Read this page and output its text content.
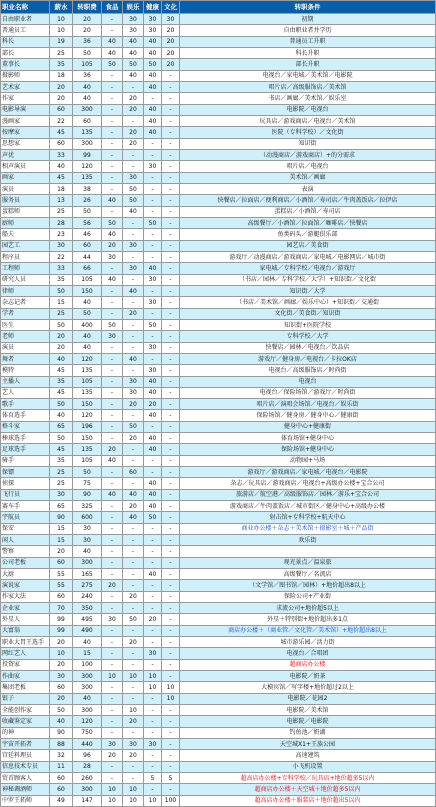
职业名称	薪水	转职费	食品	娱乐	健康	文化	转职条件
自由职业者	10	20	-	30	30	30	初期
普通员工	10	20	-	30	30	20	自由职业者并学历
科长	19	36	40	40	40	20	普通员工升职
部长	25	50	40	40	40	20	科长升职
董事长	35	105	50	50	50	20	部长升职
摄影师	18	36	-	40	40	-	电视台／家电城／美术馆／电影院
艺术家	20	40	-	-	40	-	唱片店／高级服饰店／美术馆
作家	20	40	-	20	-	-	书店／画廊／美术馆／娱乐室
电影导演	60	300	-	20	40	-	电影院／电视台
漫画家	22	60	-	-	40	-	玩具店／游戏商店／电视台／美术馆
按摩家	45	135	-	20	40	-	医院（专科学校）／文化街
思想家	60	300	-	20	-	-	知识街
声优	33	99	-	-	-	-	（动漫商店／游戏商店）+的分需求
相声演员	40	120	-	-	30	-	唱片店／电视台
画家	45	135	-	30	-	-	美术馆／画廊
演员	18	38	-	50	-	-	表演
服务员	13	26	40	50	-	-	快餐店／拉面店／便利商店／小酒馆／寿司店／牛肉盖饭店／拉伊店
蛋糕师	25	50	-	40	-	-	蛋糕店／小酒馆／寿司店
厨师	28	56	50	-	50	-	高级餐厅／小酒馆／拉面馆／咖啡店／快餐店
船夫	23	46	40	-	-	-	鱼类码头／游艇俱乐部
园艺工	30	60	20	30	-	-	园艺店／美食街
程序员	22	44	30	-	-	-	游戏厅／动漫商店／游戏商店／家电城／电影网店／城市街
工程师	33	66	-	30	40	-	家电城／专科学校／电视台／游戏厅
研究人员	35	105	40	-	30	-	（书店／园林／专科学校／大学）+知识街／文化街
律师	50	150	-	40	-	-	知识街／大学
杂志记者	15	40	-	-	30	-	（书店／美术馆／画廊／娱乐中心）+知识街／交通街
学者	25	50	-	20	-	-	文化街／美食街／知识街
医生	50	400	50	-	50	-	知识街+医院学校
老师	20	40	30	-	-	-	专科学校／大学
演员	20	40	-	-	30	-	快餐店／园林／电视台／饮品店
舞者	40	120	-	40	-	-	游戏厅／健身房／电视台／卡拉OK店
模特	45	135	-	-	30	-	电视台／高级服饰店／时尚街
主播人	35	105	-	30	40	-	电视台
艺人	45	135	-	30	40	-	电视台／保险场馆／游戏厅／时尚街
歌手	50	150	-	20	20	-	唱片店／演唱会场馆／电视台／娱乐街
体育选手	40	120	-	-	40	-	保险场馆／健身房／健身中心／健康街
格斗家	65	196	-	50	-	-	健身中心+健康街
棒球选手	50	150	-	20	40	-	体育场馆+健身中心
足球选手	45	135	20	-	40	-	保险场馆+健身中心
骑手	35	105	40	-	-	-	动物园+马场
保镖	25	50	-	60	-	-	游戏厅／游戏商店／家电城／电视台／电影院
侦探	25	75	-	-	40	-	杂志／玩具店／游戏商店／电视台+高级办公楼+宝合公司
飞行员	30	90	40	40	40	-	旅游店／航空港／高级服饰店／园林／游乐+宝合公司
赛车手	65	325	-	20	40	-	游戏商店／牛肉盖饭店／城市街区／健身中心+高级办公楼
宇航员	90	600	-	40	50	-	射击馆+专科学校+航天中心
保安	15	30	-	-	-	-	商业办公楼＋杂志＋美术馆＋摄影室＋城＋产品街
闲人	15	30	-	-	-	-	欢乐街
警察	20	40	-	-	-	-	
公司老板	60	300	-	-	-	-	观光景点／温泉旅
大厨	55	165	-	-	40	-	高级餐厅／名流店
演说家	55	275	20	-	-	-	（文学馆／图书馆／园林）+地价超出8以上
作家大法	60	240	-	20	-	-	保险公司+产业街
企业家	70	350	-	-	-	-	求流公司+地价超5以上
外星人	99	495	30	50	20	-	外星＋特别街+地价超出多1点
大富翁	99	490	-	-	-	-	商店办公楼＋（商业管／文化管／美术馆）+地价超出8以上
职业大胃王选手	20	40	-	20	-	-	城市游乐园／活力街
网红艺人	10	15	-	-	30	-	电视台／合唱团
投资家	20	100	-	-	-	-	超商店办公楼
作曲家	30	300	10	10	10	-	电影院／奶茶
集团老板	60	300	-	-	10	10	大模宾馆／写字楼+地价超过2以上
银子	20	40	-	-	-	10	电影院／花园2
全能创作家	50	300	-	10	-	-	电影院／美术馆
收藏鉴定家	40	120	-	20	-	-	电影院／电影院
的神	90	750	-	-	-	-	钓鱼池／奶湖
宇宙开拓者	88	440	30	30	30	-	天空城X1+王族公园
宫廷料理员	32	96	20	20	-	-	高速建筑
信息技术专员	11	28	-	-	-	-	小飞机设置
贸首顾客人	60	260	-	-	5	5	超高店办公楼+专科学校／玩具店+地价超多5以内
神秘调酒师	60	300	10	10	-	-	超商店办公楼＋天空城＋地价超多5以内
中罗王拓师	49	147	10	10	10	100	超高店办公楼＋服装店＋地价超出5以内
